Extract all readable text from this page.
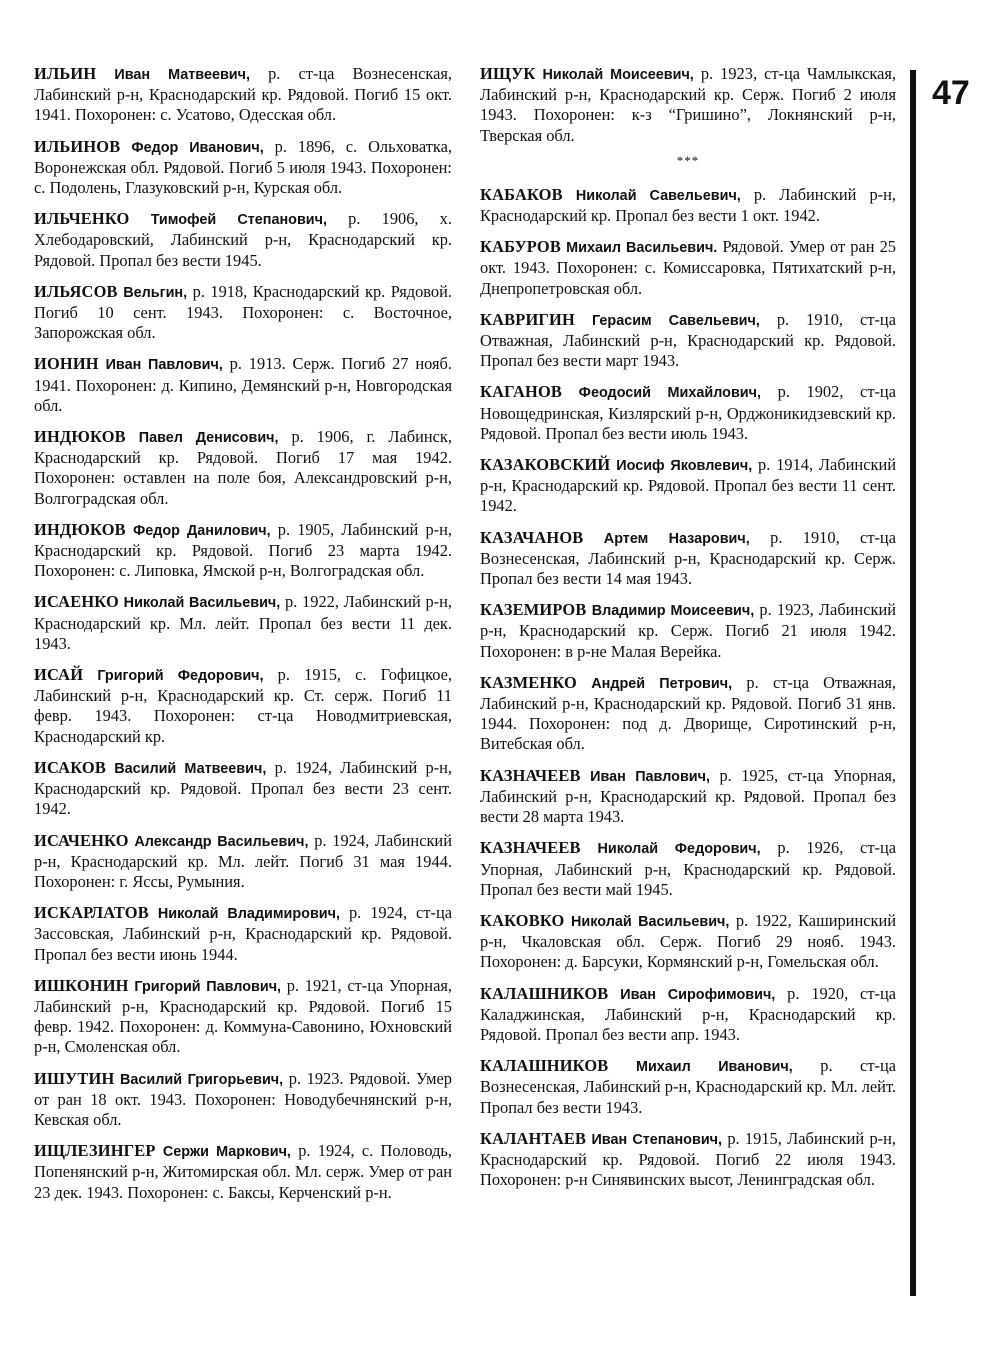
ИЛЬИН Иван Матвеевич, р. ст-ца Вознесенская, Лабинский р-н, Краснодарский кр. Рядовой. Погиб 15 окт. 1941. Похоронен: с. Усатово, Одесская обл.

ИЛЬИНОВ Федор Иванович, р. 1896, с. Ольховатка, Воронежская обл. Рядовой. Погиб 5 июля 1943. Похоронен: с. Подолень, Глазуковский р-н, Курская обл.

ИЛЬЧЕНКО Тимофей Степанович, р. 1906, х. Хлебодаровский, Лабинский р-н, Краснодарский кр. Рядовой. Пропал без вести 1945.

ИЛЬЯСОВ Вельгин, р. 1918, Краснодарский кр. Рядовой. Погиб 10 сент. 1943. Похоронен: с. Восточное, Запорожская обл.

ИОНИН Иван Павлович, р. 1913. Серж. Погиб 27 нояб. 1941. Похоронен: д. Кипино, Демянский р-н, Новгородская обл.

ИНДЮКОВ Павел Денисович, р. 1906, г. Лабинск, Краснодарский кр. Рядовой. Погиб 17 мая 1942. Похоронен: оставлен на поле боя, Александровский р-н, Волгоградская обл.

ИНДЮКОВ Федор Данилович, р. 1905, Лабинский р-н, Краснодарский кр. Рядовой. Погиб 23 марта 1942. Похоронен: с. Липовка, Ямской р-н, Волгоградская обл.

ИСАЕНКО Николай Васильевич, р. 1922, Лабинский р-н, Краснодарский кр. Мл. лейт. Пропал без вести 11 дек. 1943.

ИСАЙ Григорий Федорович, р. 1915, с. Гофицкое, Лабинский р-н, Краснодарский кр. Ст. серж. Погиб 11 февр. 1943. Похоронен: ст-ца Новодмитриевская, Краснодарский кр.

ИСАКОВ Василий Матвеевич, р. 1924, Лабинский р-н, Краснодарский кр. Рядовой. Пропал без вести 23 сент. 1942.

ИСАЧЕНКО Александр Васильевич, р. 1924, Лабинский р-н, Краснодарский кр. Мл. лейт. Погиб 31 мая 1944. Похоронен: г. Яссы, Румыния.

ИСКАРЛАТОВ Николай Владимирович, р. 1924, ст-ца Зассовская, Лабинский р-н, Краснодарский кр. Рядовой. Пропал без вести июнь 1944.

ИШКОНИН Григорий Павлович, р. 1921, ст-ца Упорная, Лабинский р-н, Краснодарский кр. Рядовой. Погиб 15 февр. 1942. Похоронен: д. Коммуна-Савонино, Юхновский р-н, Смоленская обл.

ИШУТИН Василий Григорьевич, р. 1923. Рядовой. Умер от ран 18 окт. 1943. Похоронен: Новодубечнянский р-н, Кевская обл.

ИЩЛЕЗИНГЕР Сержи Маркович, р. 1924, с. Половодь, Попенянский р-н, Житомирская обл. Мл. серж. Умер от ран 23 дек. 1943. Похоронен: с. Баксы, Керченский р-н.

ИЩУК Николай Моисеевич, р. 1923, ст-ца Чамлыкская, Лабинский р-н, Краснодарский кр. Серж. Погиб 2 июля 1943. Похоронен: к-з “Гришино”, Локнянский р-н, Тверская обл.

***

КАБАКОВ Николай Савельевич, р. Лабинский р-н, Краснодарский кр. Пропал без вести 1 окт. 1942.

КАБУРОВ Михаил Васильевич. Рядовой. Умер от ран 25 окт. 1943. Похоронен: с. Комиссаровка, Пятихатский р-н, Днепропетровская обл.

КАВРИГИН Герасим Савельевич, р. 1910, ст-ца Отважная, Лабинский р-н, Краснодарский кр. Рядовой. Пропал без вести март 1943.

КАГАНОВ Феодосий Михайлович, р. 1902, ст-ца Новощедринская, Кизлярский р-н, Орджоникидзевский кр. Рядовой. Пропал без вести июль 1943.

КАЗАКОВСКИЙ Иосиф Яковлевич, р. 1914, Лабинский р-н, Краснодарский кр. Рядовой. Пропал без вести 11 сент. 1942.

КАЗАЧАНОВ Артем Назарович, р. 1910, ст-ца Вознесенская, Лабинский р-н, Краснодарский кр. Серж. Пропал без вести 14 мая 1943.

КАЗЕМИРОВ Владимир Моисеевич, р. 1923, Лабинский р-н, Краснодарский кр. Серж. Погиб 21 июля 1942. Похоронен: в р-не Малая Верейка.

КАЗМЕНКО Андрей Петрович, р. ст-ца Отважная, Лабинский р-н, Краснодарский кр. Рядовой. Погиб 31 янв. 1944. Похоронен: под д. Дворище, Сиротинский р-н, Витебская обл.

КАЗНАЧЕЕВ Иван Павлович, р. 1925, ст-ца Упорная, Лабинский р-н, Краснодарский кр. Рядовой. Пропал без вести 28 марта 1943.

КАЗНАЧЕЕВ Николай Федорович, р. 1926, ст-ца Упорная, Лабинский р-н, Краснодарский кр. Рядовой. Пропал без вести май 1945.

КАКОВКО Николай Васильевич, р. 1922, Каширинский р-н, Чкаловская обл. Серж. Погиб 29 нояб. 1943. Похоронен: д. Барсуки, Кормянский р-н, Гомельская обл.

КАЛАШНИКОВ Иван Сирофимович, р. 1920, ст-ца Каладжинская, Лабинский р-н, Краснодарский кр. Рядовой. Пропал без вести апр. 1943.

КАЛАШНИКОВ Михаил Иванович, р. ст-ца Вознесенская, Лабинский р-н, Краснодарский кр. Мл. лейт. Пропал без вести 1943.

КАЛАНТАЕВ Иван Степанович, р. 1915, Лабинский р-н, Краснодарский кр. Рядовой. Погиб 22 июля 1943. Похоронен: р-н Синявинских высот, Ленинградская обл.

47
